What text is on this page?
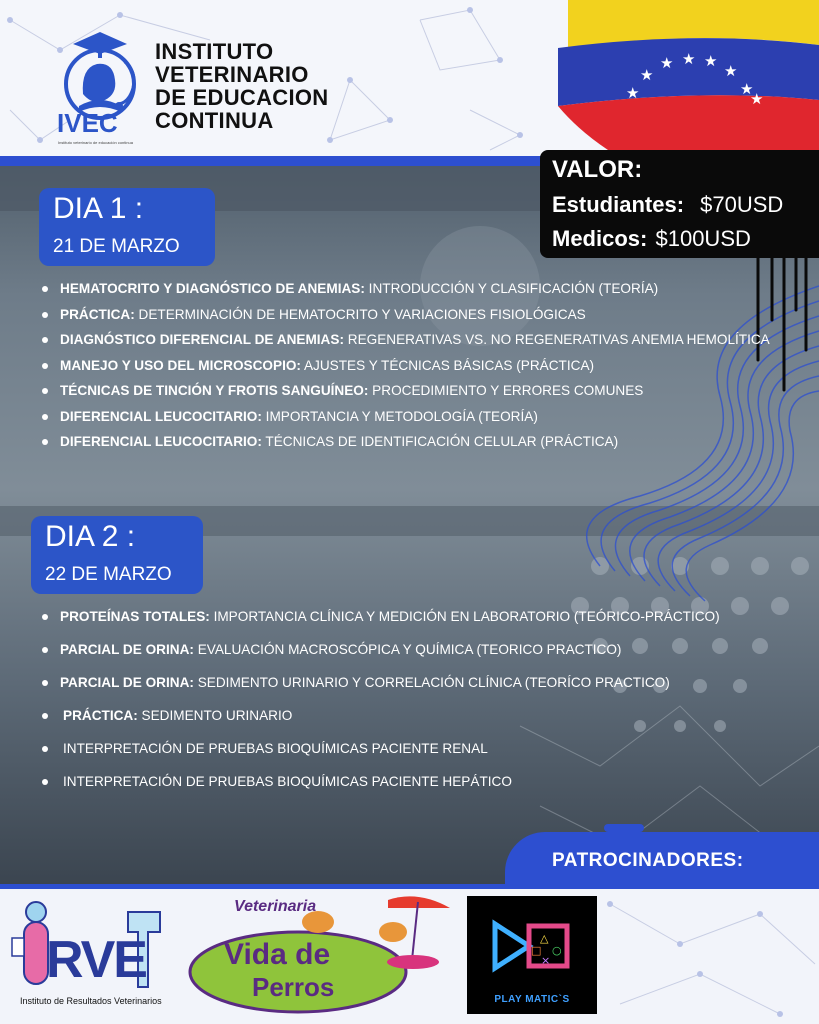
IVEC
Instituto veterinario de educación continua
INSTITUTO
VETERINARIO
DE EDUCACION
CONTINUA
★
★
★ ★ ★
★
★
★
VALOR:
Estudiantes: $70USD
Medicos: $100USD
DIA 1 :
21 DE MARZO
HEMATOCRITO Y DIAGNÓSTICO DE ANEMIAS: INTRODUCCIÓN Y CLASIFICACIÓN (TEORÍA)
PRÁCTICA: DETERMINACIÓN DE HEMATOCRITO Y VARIACIONES FISIOLÓGICAS
DIAGNÓSTICO DIFERENCIAL DE ANEMIAS: REGENERATIVAS VS. NO REGENERATIVAS ANEMIA HEMOLÍTICA
MANEJO Y USO DEL MICROSCOPIO: AJUSTES Y TÉCNICAS BÁSICAS (PRÁCTICA)
TÉCNICAS DE TINCIÓN Y FROTIS SANGUÍNEO: PROCEDIMIENTO Y ERRORES COMUNES
DIFERENCIAL LEUCOCITARIO: IMPORTANCIA Y METODOLOGÍA (TEORÍA)
DIFERENCIAL LEUCOCITARIO: TÉCNICAS DE IDENTIFICACIÓN CELULAR (PRÁCTICA)
DIA 2 :
22 DE MARZO
PROTEÍNAS TOTALES: IMPORTANCIA CLÍNICA Y MEDICIÓN EN LABORATORIO (TEÓRICO-PRÁCTICO)
PARCIAL DE ORINA: EVALUACIÓN MACROSCÓPICA Y QUÍMICA (TEORICO PRACTICO)
PARCIAL DE ORINA: SEDIMENTO URINARIO Y CORRELACIÓN CLÍNICA (TEORÍCO PRACTICO)
PRÁCTICA: SEDIMENTO URINARIO
INTERPRETACIÓN DE PRUEBAS BIOQUÍMICAS PACIENTE RENAL
INTERPRETACIÓN DE PRUEBAS BIOQUÍMICAS PACIENTE HEPÁTICO
PATROCINADORES:
RVE
Instituto de Resultados Veterinarios
Veterinaria
Vida de
Perros
△
○
□
×
PLAY MATIC`S
